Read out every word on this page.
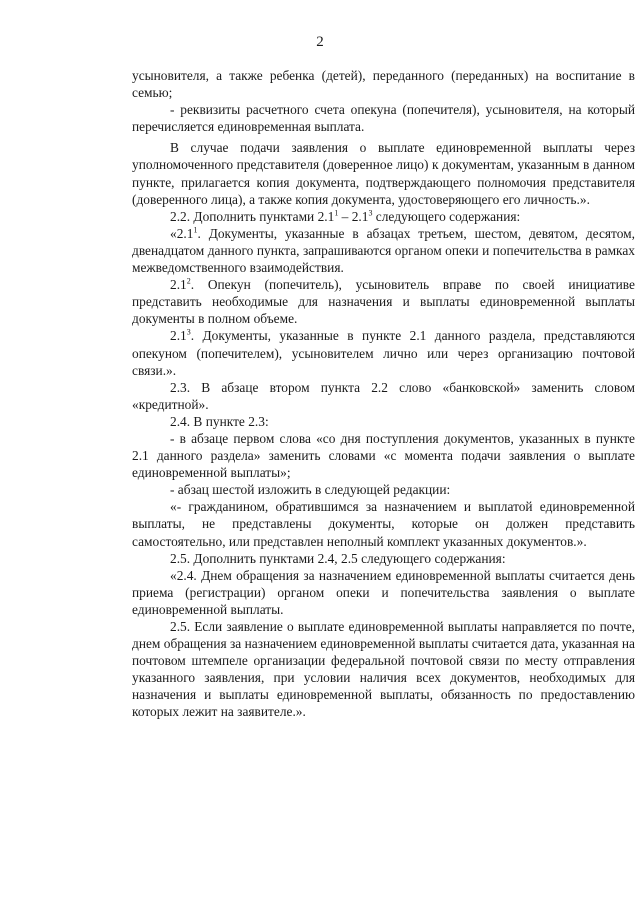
2

усыновителя, а также ребенка (детей), переданного (переданных) на воспитание в семью;

- реквизиты расчетного счета опекуна (попечителя), усыновителя, на который перечисляется единовременная выплата.

В случае подачи заявления о выплате единовременной выплаты через уполномоченного представителя (доверенное лицо) к документам, указанным в данном пункте, прилагается копия документа, подтверждающего полномочия представителя (доверенного лица), а также копия документа, удостоверяющего его личность.».

2.2. Дополнить пунктами $2.1^1 - 2.1^3$ следующего содержания:

«$2.1^1$. Документы, указанные в абзацах третьем, шестом, девятом, десятом, двенадцатом данного пункта, запрашиваются органом опеки и попечительства в рамках межведомственного взаимодействия.

$2.1^2$. Опекун (попечитель), усыновитель вправе по своей инициативе представить необходимые для назначения и выплаты единовременной выплаты документы в полном объеме.

$2.1^3$. Документы, указанные в пункте 2.1 данного раздела, представляются опекуном (попечителем), усыновителем лично или через организацию почтовой связи.».

2.3. В абзаце втором пункта 2.2 слово «банковской» заменить словом «кредитной».

2.4. В пункте 2.3:

- в абзаце первом слова «со дня поступления документов, указанных в пункте 2.1 данного раздела» заменить словами «с момента подачи заявления о выплате единовременной выплаты»;

- абзац шестой изложить в следующей редакции:

«- гражданином, обратившимся за назначением и выплатой единовременной выплаты, не представлены документы, которые он должен представить самостоятельно, или представлен неполный комплект указанных документов.».

2.5. Дополнить пунктами 2.4, 2.5 следующего содержания:

«2.4. Днем обращения за назначением единовременной выплаты считается день приема (регистрации) органом опеки и попечительства заявления о выплате единовременной выплаты.

2.5. Если заявление о выплате единовременной выплаты направляется по почте, днем обращения за назначением единовременной выплаты считается дата, указанная на почтовом штемпеле организации федеральной почтовой связи по месту отправления указанного заявления, при условии наличия всех документов, необходимых для назначения и выплаты единовременной выплаты, обязанность по предоставлению которых лежит на заявителе.».
